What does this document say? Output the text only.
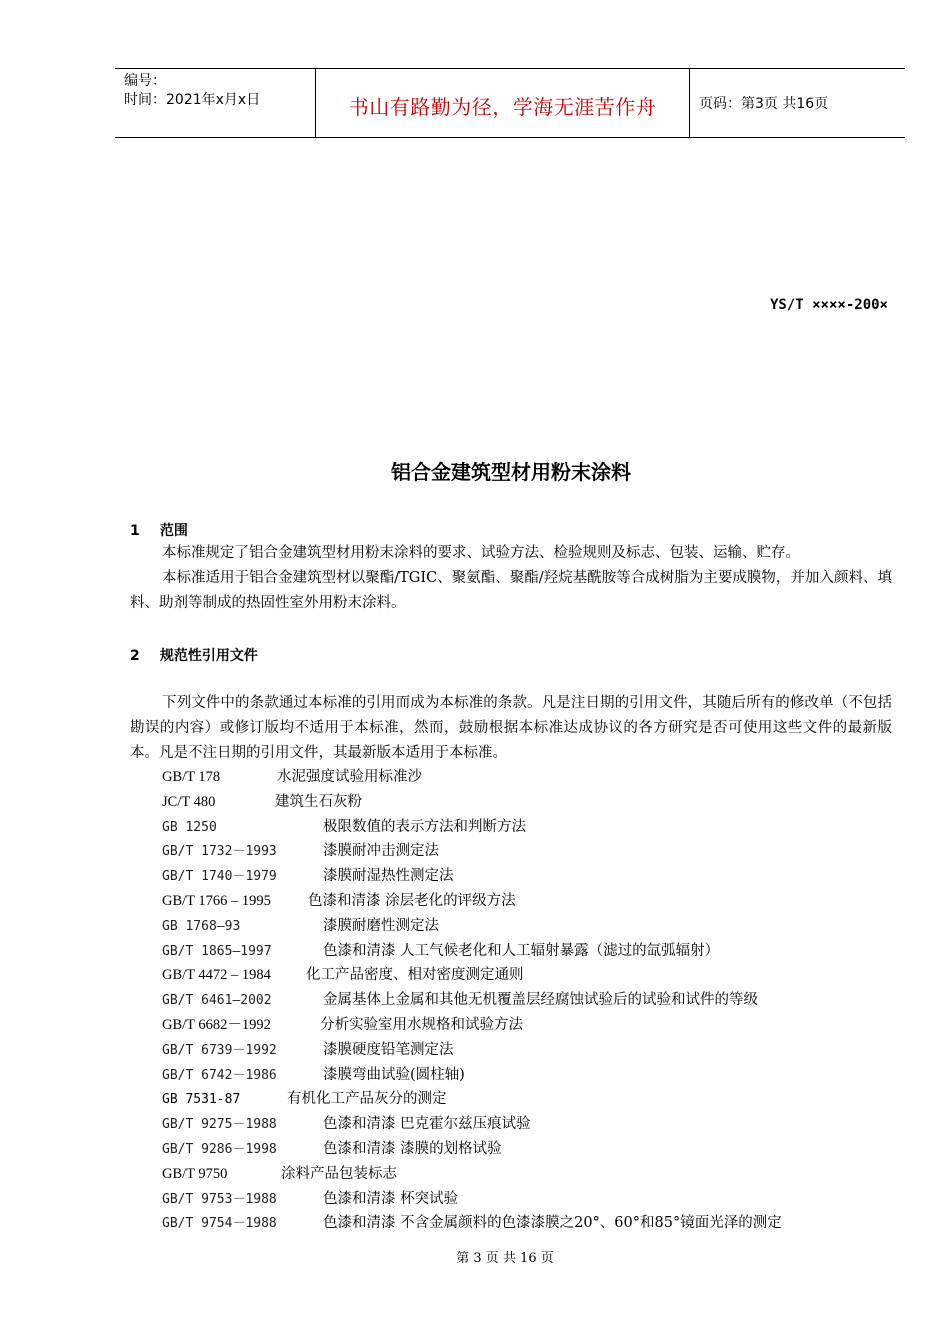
编号：
时间：2021年x月x日	书山有路勤为径，学海无涯苦作舟	页码：第3页 共16页
YS/T ××××-200×
铝合金建筑型材用粉末涂料
1 范围
本标准规定了铝合金建筑型材用粉末涂料的要求、试验方法、检验规则及标志、包装、运输、贮存。
本标准适用于铝合金建筑型材以聚酯/TGIC、聚氨酯、聚酯/羟烷基酰胺等合成树脂为主要成膜物，并加入颜料、填料、助剂等制成的热固性室外用粉末涂料。
2 规范性引用文件
下列文件中的条款通过本标准的引用而成为本标准的条款。凡是注日期的引用文件，其随后所有的修改单（不包括勘误的内容）或修订版均不适用于本标准，然而，鼓励根据本标准达成协议的各方研究是否可使用这些文件的最新版本。凡是不注日期的引用文件，其最新版本适用于本标准。
GB/T 178	水泥强度试验用标准沙
JC/T 480	建筑生石灰粉
GB 1250	极限数值的表示方法和判断方法
GB/T 1732－1993	漆膜耐冲击测定法
GB/T 1740－1979	漆膜耐湿热性测定法
GB/T 1766 – 1995	色漆和清漆 涂层老化的评级方法
GB 1768—93	漆膜耐磨性测定法
GB/T 1865—1997	色漆和清漆 人工气候老化和人工辐射暴露（滤过的氙弧辐射）
GB/T 4472 – 1984 化工产品密度、相对密度测定通则
GB/T 6461—2002	金属基体上金属和其他无机覆盖层经腐蚀试验后的试验和试件的等级
GB/T 6682－1992	分析实验室用水规格和试验方法
GB/T 6739－1992	漆膜硬度铅笔测定法
GB/T 6742－1986	漆膜弯曲试验(圆柱轴)
GB 7531-87	有机化工产品灰分的测定
GB/T 9275－1988	色漆和清漆 巴克霍尔兹压痕试验
GB/T 9286－1998	色漆和清漆 漆膜的划格试验
GB/T 9750	涂料产品包装标志
GB/T 9753－1988	色漆和清漆 杯突试验
GB/T 9754－1988	色漆和清漆 不含金属颜料的色漆漆膜之20°、60°和85°镜面光泽的测定
第 3 页 共 16 页
